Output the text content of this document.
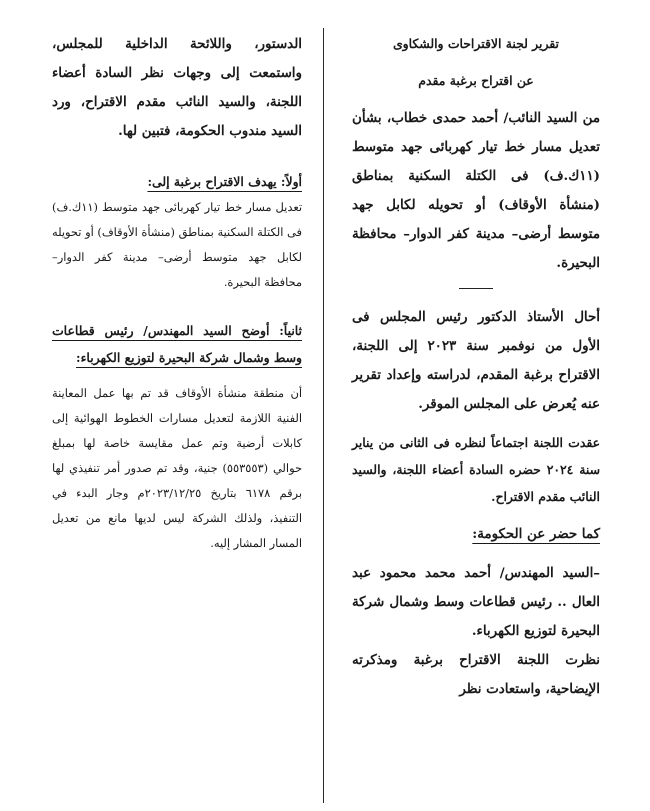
تقرير لجنة الاقتراحات والشكاوى

عن اقتراح برغبة مقدم

من السيد النائب/ أحمد حمدى خطاب، بشأن تعديل مسار خط تيار كهربائى جهد متوسط (١١ك.ف) فى الكتلة السكنية بمناطق (منشأة الأوقاف) أو تحويله لكابل جهد متوسط أرضى– مدينة كفر الدوار– محافظة البحيرة.

أحال الأستاذ الدكتور رئيس المجلس فى الأول من نوفمبر سنة ٢٠٢٣ إلى اللجنة، الاقتراح برغبة المقدم، لدراسته وإعداد تقرير عنه يُعرض على المجلس الموقر.

عقدت اللجنة اجتماعاً لنظره فى الثانى من يناير سنة ٢٠٢٤ حضره السادة أعضاء اللجنة، والسيد النائب مقدم الاقتراح.

كما حضر عن الحكومة:

–السيد المهندس/ أحمد محمد محمود عبد العال .. رئيس قطاعات وسط وشمال شركة البحيرة لتوزيع الكهرباء.

نظرت اللجنة الاقتراح برغبة ومذكرته الإيضاحية، واستعادت نظر

الدستور، واللائحة الداخلية للمجلس، واستمعت إلى وجهات نظر السادة أعضاء اللجنة، والسيد النائب مقدم الاقتراح، ورد السيد مندوب الحكومة، فتبين لها.

أولاً: يهدف الاقتراح برغبة إلى:

تعديل مسار خط تيار كهربائى جهد متوسط (١١ك.ف) فى الكتلة السكنية بمناطق (منشأة الأوقاف) أو تحويله لكابل جهد متوسط أرضى– مدينة كفر الدوار– محافظة البحيرة.

ثانياً: أوضح السيد المهندس/ رئيس قطاعات وسط وشمال شركة البحيرة لتوزيع الكهرباء:

أن منطقة منشأة الأوقاف قد تم بها عمل المعاينة الفنية اللازمة لتعديل مسارات الخطوط الهوائية إلى كابلات أرضية وتم عمل مقايسة خاصة لها بمبلغ حوالي (٥٥٣٥٥٣) جنية، وقد تم صدور أمر تنفيذي لها برقم ٦١٧٨ بتاريخ ٢٠٢٣/١٢/٢٥م وجار البدء في التنفيذ، ولذلك الشركة ليس لديها مانع من تعديل المسار المشار إليه.
